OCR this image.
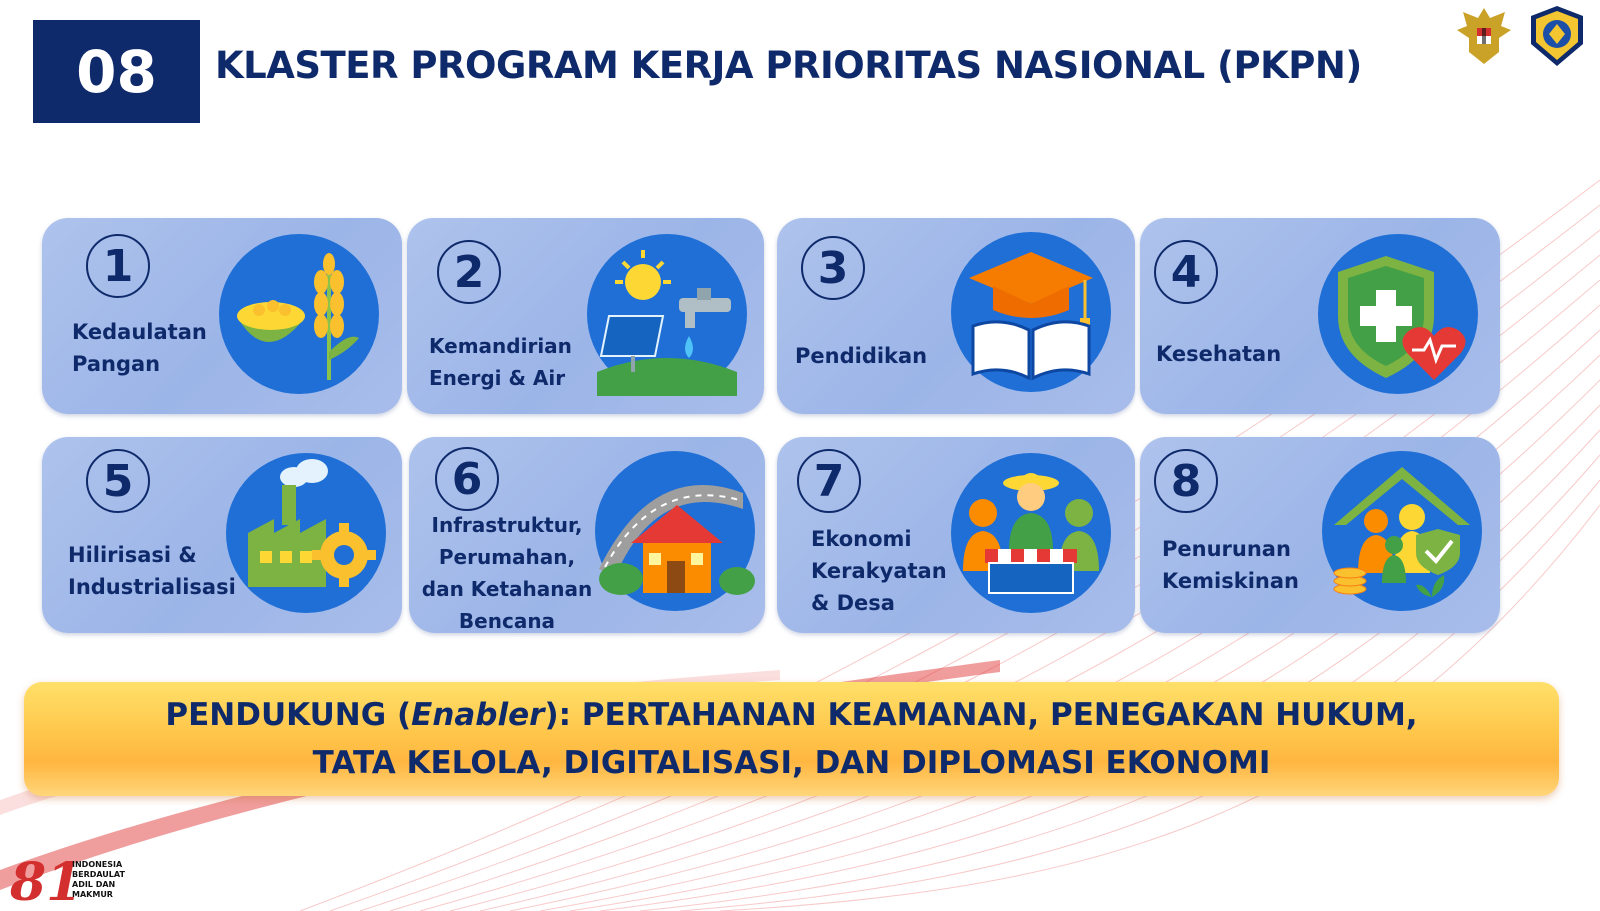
08	KLASTER PROGRAM KERJA PRIORITAS NASIONAL (PKPN)
1
Kedaulatan
Pangan
2
Kemandirian
Energi & Air
3
Pendidikan
4
Kesehatan
5
Hilirisasi &
Industrialisasi
6
Infrastruktur,
Perumahan,
dan Ketahanan
Bencana
7
Ekonomi
Kerakyatan
& Desa
8
Penurunan
Kemiskinan
PENDUKUNG (Enabler): PERTAHANAN KEAMANAN, PENEGAKAN HUKUM,
TATA KELOLA, DIGITALISASI, DAN DIPLOMASI EKONOMI
81
INDONESIA
BERDAULAT
ADIL DAN
MAKMUR
